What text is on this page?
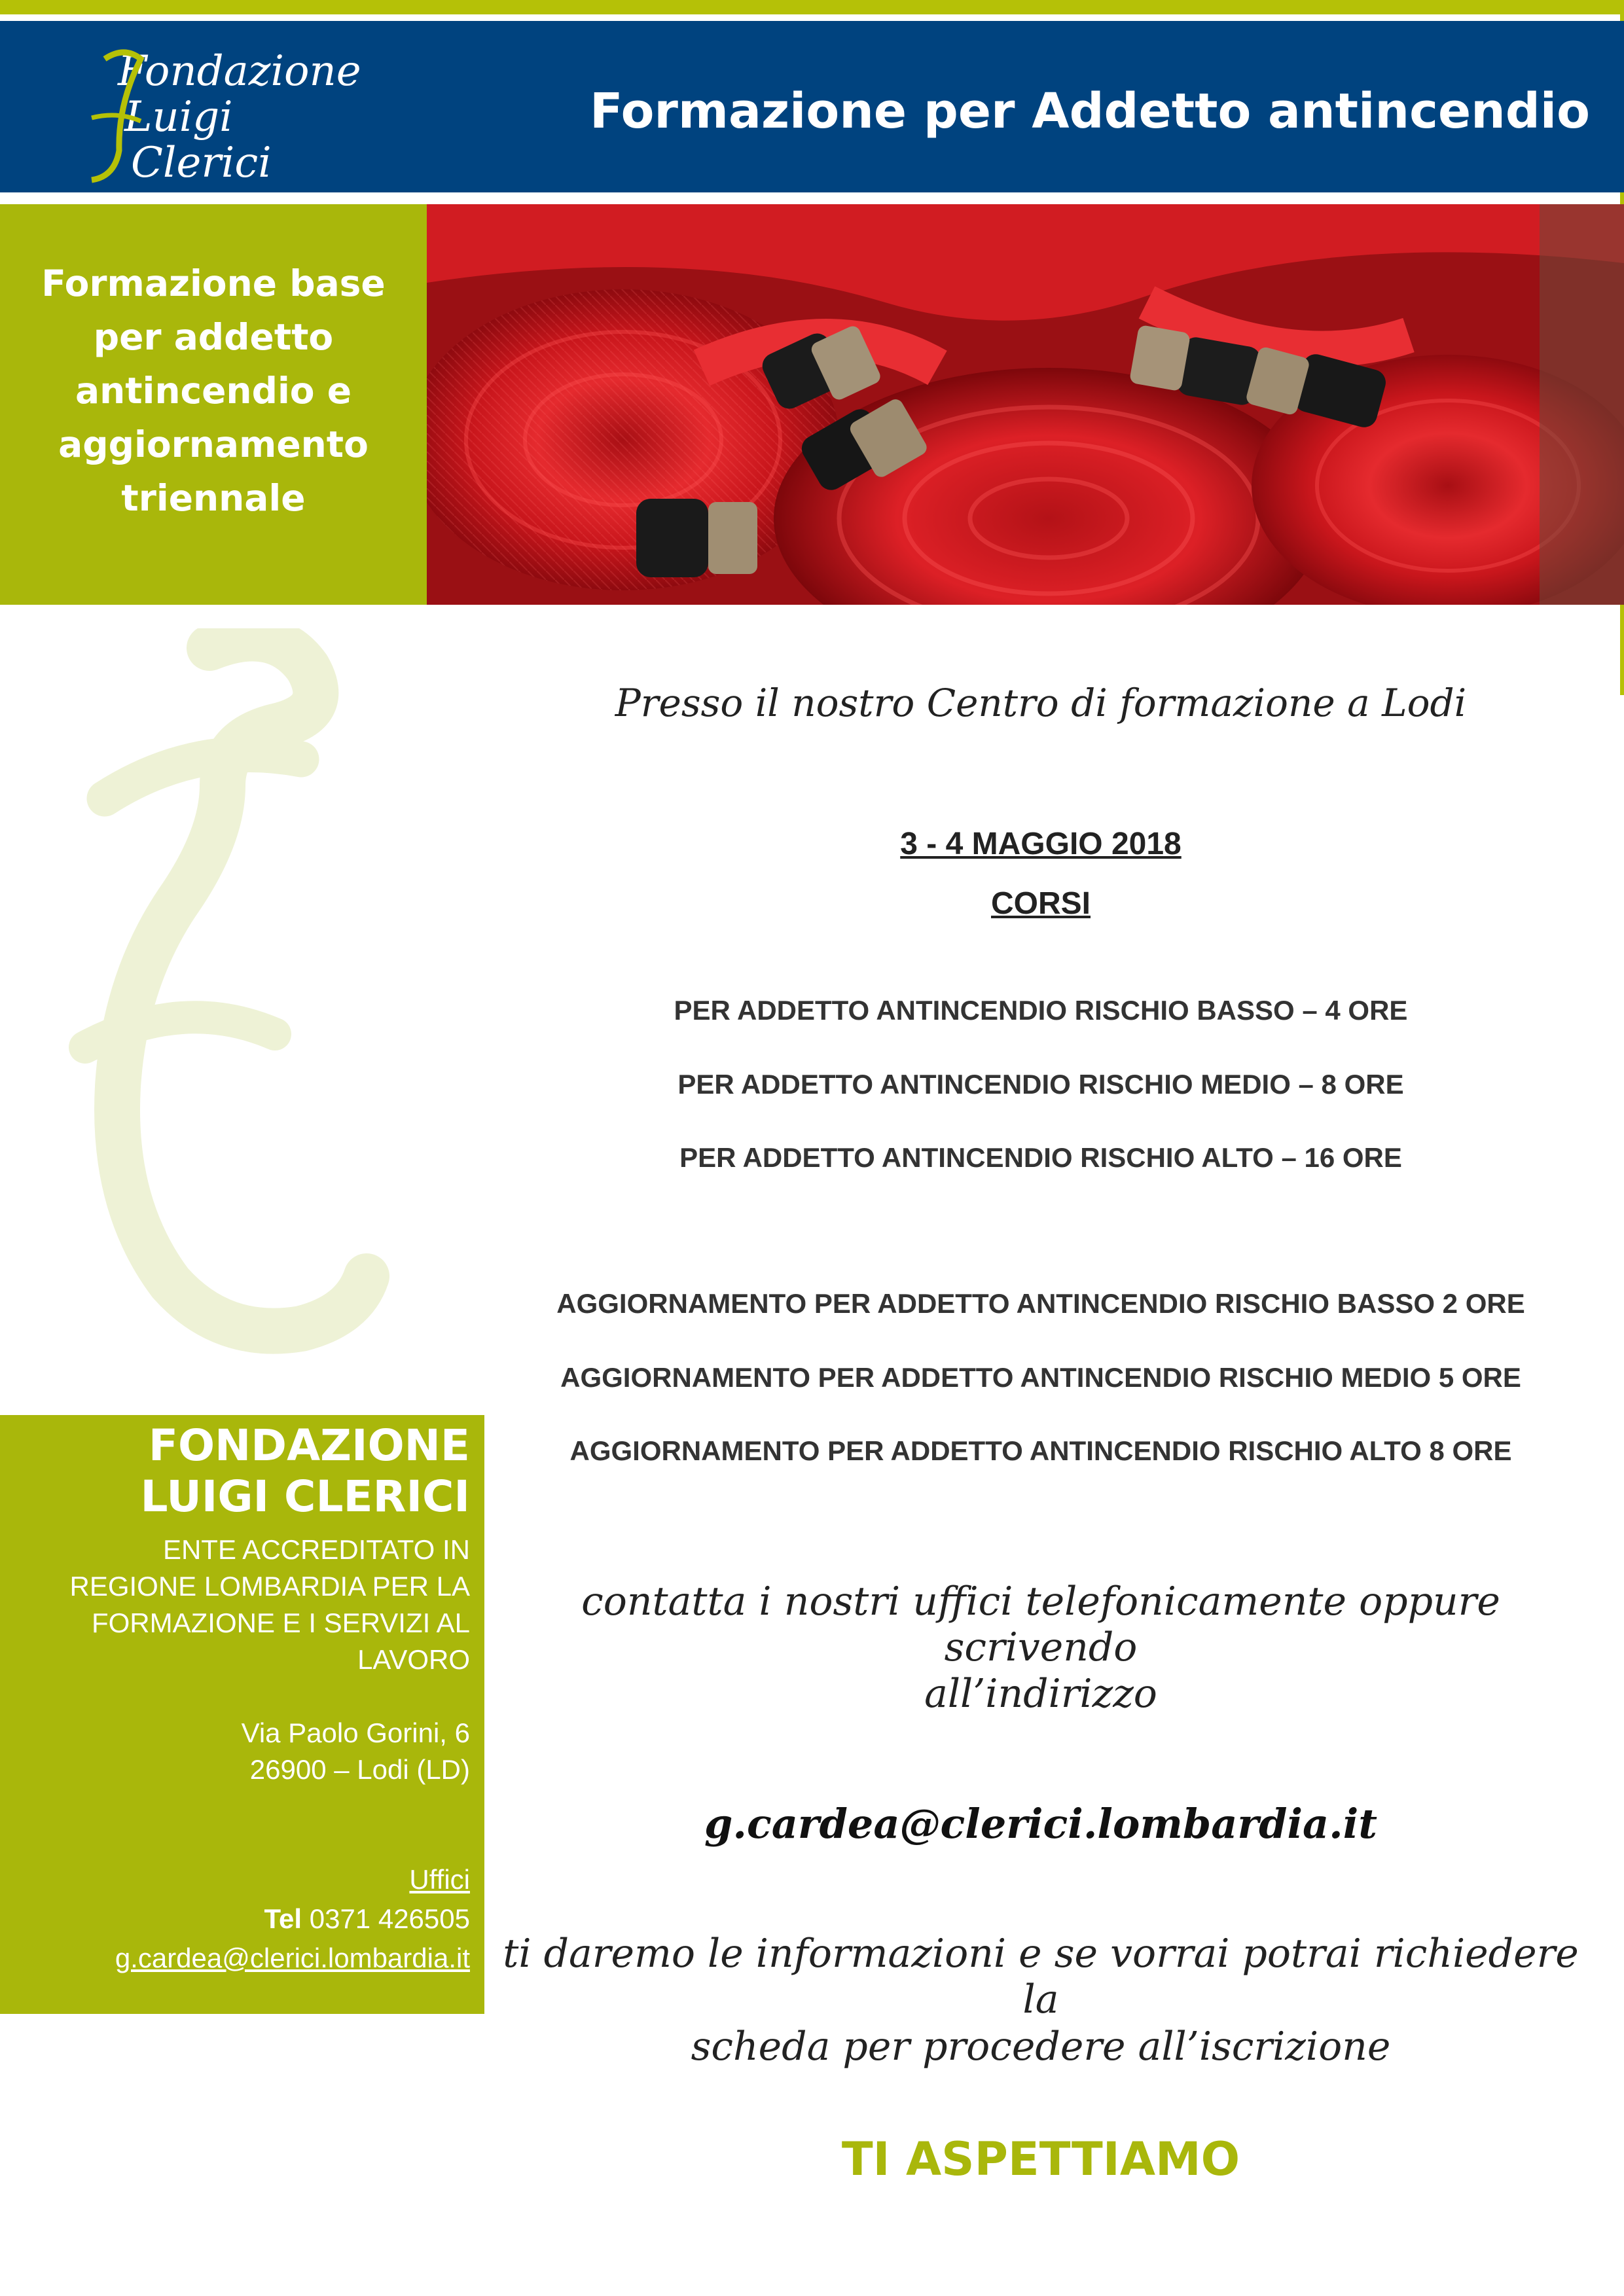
Fondazione
Luigi
Clerici
Formazione per Addetto antincendio
Formazione base per addetto antincendio e aggiornamento triennale
FONDAZIONE
LUIGI CLERICI
ENTE ACCREDITATO IN
REGIONE LOMBARDIA PER LA
FORMAZIONE E I SERVIZI AL
LAVORO
Via Paolo Gorini, 6
26900 – Lodi (LD)
Uffici
Tel 0371 426505
g.cardea@clerici.lombardia.it
Presso il nostro Centro di formazione a Lodi
3 - 4 MAGGIO 2018
CORSI
PER ADDETTO ANTINCENDIO RISCHIO BASSO – 4 ORE
PER ADDETTO ANTINCENDIO RISCHIO MEDIO – 8 ORE
PER ADDETTO ANTINCENDIO RISCHIO ALTO – 16 ORE
AGGIORNAMENTO PER ADDETTO ANTINCENDIO RISCHIO BASSO 2 ORE
AGGIORNAMENTO PER ADDETTO ANTINCENDIO RISCHIO MEDIO 5 ORE
AGGIORNAMENTO PER ADDETTO ANTINCENDIO RISCHIO ALTO 8 ORE
contatta i nostri uffici telefonicamente oppure scrivendo
all’indirizzo
g.cardea@clerici.lombardia.it
ti daremo le informazioni e se vorrai potrai richiedere la
scheda per procedere all’iscrizione
TI ASPETTIAMO
